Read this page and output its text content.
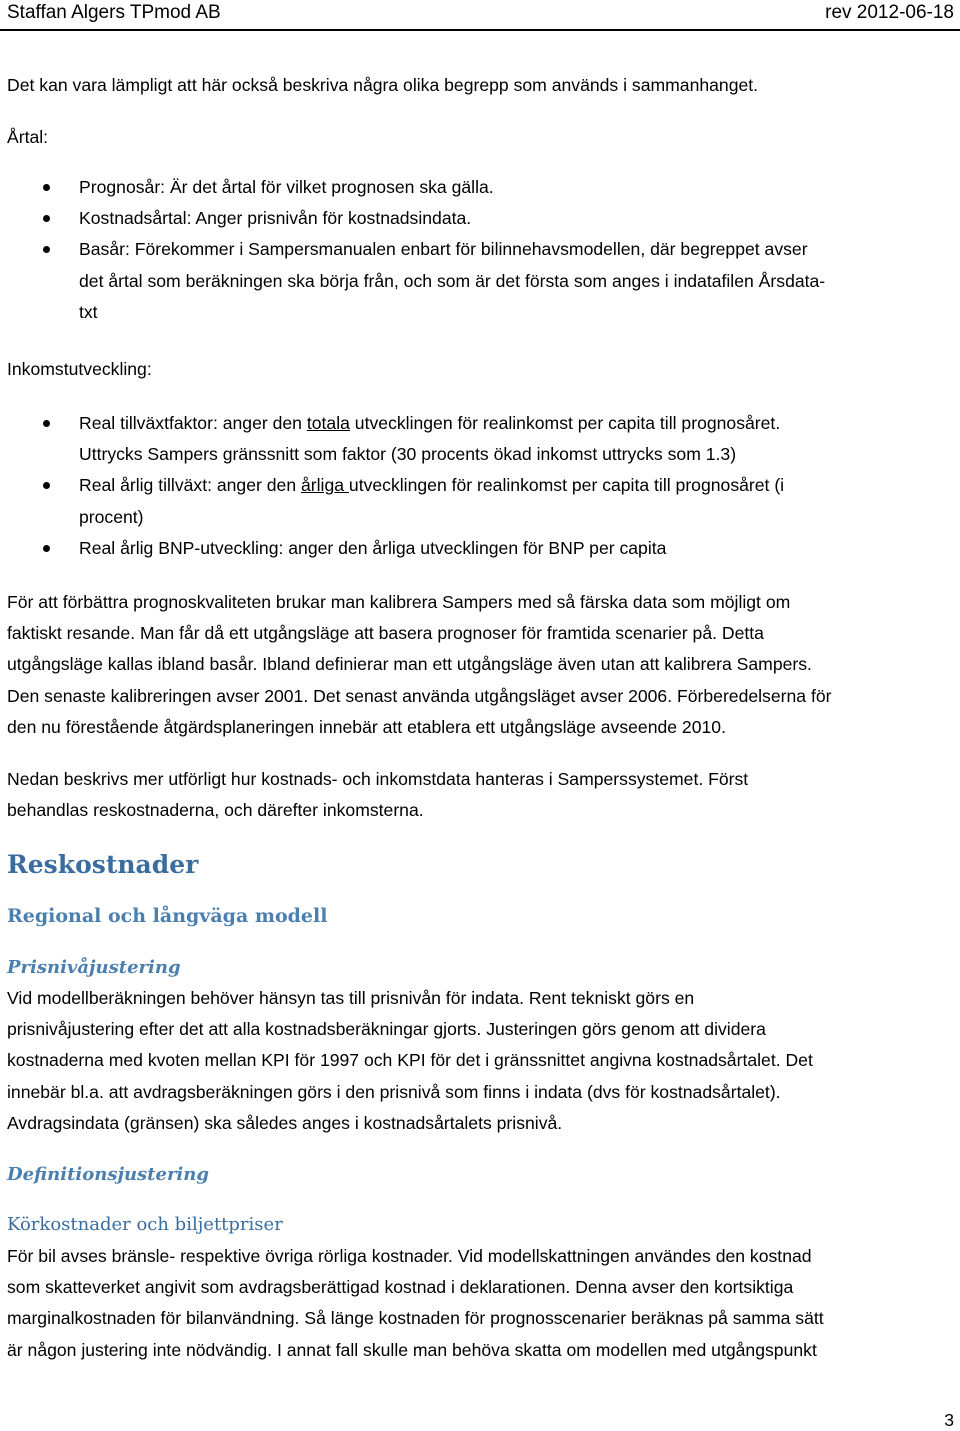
Staffan Algers TPmod AB	rev 2012-06-18
Det kan vara lämpligt att här också beskriva några olika begrepp som används i sammanhanget.
Årtal:
Prognosår: Är det årtal för vilket prognosen ska gälla.
Kostnadsårtal: Anger prisnivån för kostnadsindata.
Basår: Förekommer i Sampersmanualen enbart för bilinnehavsmodellen, där begreppet avser
det årtal som beräkningen ska börja från, och som är det första som anges i indatafilen Årsdata-
txt
Inkomstutveckling:
Real tillväxtfaktor: anger den totala utvecklingen för realinkomst per capita till prognosåret.
Uttrycks Sampers gränssnitt som faktor (30 procents ökad inkomst uttrycks som 1.3)
Real årlig tillväxt: anger den årliga utvecklingen för realinkomst per capita till prognosåret (i
procent)
Real årlig BNP-utveckling: anger den årliga utvecklingen för BNP per capita
För att förbättra prognoskvaliteten brukar man kalibrera Sampers med så färska data som möjligt om
faktiskt resande. Man får då ett utgångsläge att basera prognoser för framtida scenarier på. Detta
utgångsläge kallas ibland basår. Ibland definierar man ett utgångsläge även utan att kalibrera Sampers.
Den senaste kalibreringen avser 2001. Det senast använda utgångsläget avser 2006. Förberedelserna för
den nu förestående åtgärdsplaneringen innebär att etablera ett utgångsläge avseende 2010.
Nedan beskrivs mer utförligt hur kostnads- och inkomstdata hanteras i Samperssystemet. Först
behandlas reskostnaderna, och därefter inkomsterna.
Reskostnader
Regional och långväga modell
Prisnivåjustering
Vid modellberäkningen behöver hänsyn tas till prisnivån för indata. Rent tekniskt görs en
prisnivåjustering efter det att alla kostnadsberäkningar gjorts. Justeringen görs genom att dividera
kostnaderna med kvoten mellan KPI för 1997 och KPI för det i gränssnittet angivna kostnadsårtalet. Det
innebär bl.a. att avdragsberäkningen görs i den prisnivå som finns i indata (dvs för kostnadsårtalet).
Avdragsindata (gränsen) ska således anges i kostnadsårtalets prisnivå.
Definitionsjustering
Körkostnader och biljettpriser
För bil avses bränsle- respektive övriga rörliga kostnader. Vid modellskattningen användes den kostnad
som skatteverket angivit som avdragsberättigad kostnad i deklarationen. Denna avser den kortsiktiga
marginalkostnaden för bilanvändning. Så länge kostnaden för prognosscenarier beräknas på samma sätt
är någon justering inte nödvändig. I annat fall skulle man behöva skatta om modellen med utgångspunkt
3
